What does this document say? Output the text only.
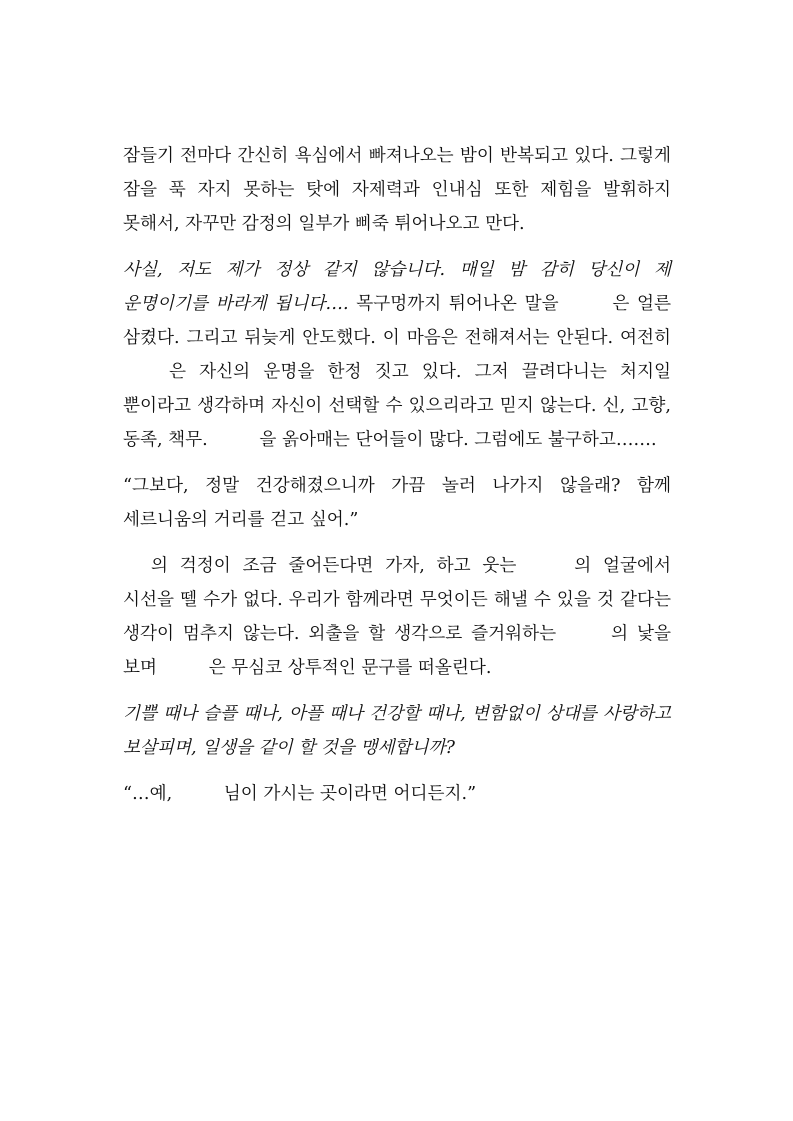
잠들기 전마다 간신히 욕심에서 빠져나오는 밤이 반복되고 있다. 그렇게 잠을 푹 자지 못하는 탓에 자제력과 인내심 또한 제힘을 발휘하지 못해서, 자꾸만 감정의 일부가 삐죽 튀어나오고 만다.

사실, 저도 제가 정상 같지 않습니다. 매일 밤 감히 당신이 제 운명이기를 바라게 됩니다…. 목구멍까지 튀어나온 말을	은 얼른 삼켰다. 그리고 뒤늦게 안도했다. 이 마음은 전해져서는 안된다. 여전히 은 자신의 운명을 한정 짓고 있다. 그저 끌려다니는 처지일 뿐이라고 생각하며 자신이 선택할 수 있으리라고 믿지 않는다. 신, 고향, 동족, 책무.	을 옭아매는 단어들이 많다. 그럼에도 불구하고…….

“그보다, 정말 건강해졌으니까 가끔 놀러 나가지 않을래? 함께 세르니움의 거리를 걷고 싶어.”

의 걱정이 조금 줄어든다면 가자, 하고 웃는	의 얼굴에서 시선을 뗄 수가 없다. 우리가 함께라면 무엇이든 해낼 수 있을 것 같다는 생각이 멈추지 않는다. 외출을 할 생각으로 즐거워하는	의 낯을 보며	은 무심코 상투적인 문구를 떠올린다.

기쁠 때나 슬플 때나, 아플 때나 건강할 때나, 변함없이 상대를 사랑하고 보살피며, 일생을 같이 할 것을 맹세합니까?

“…예,	님이 가시는 곳이라면 어디든지.”
